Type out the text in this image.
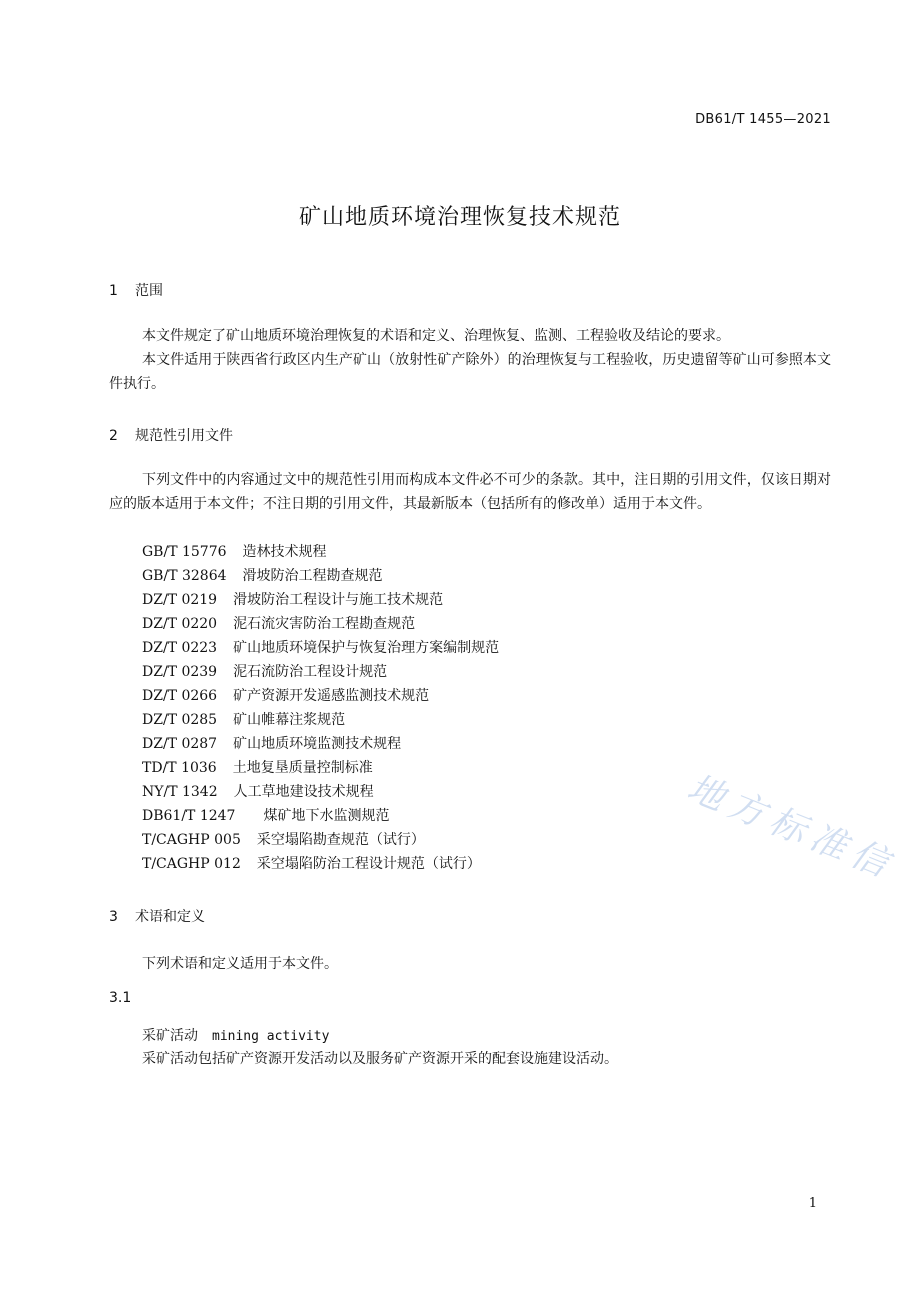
DB61/T 1455—2021
矿山地质环境治理恢复技术规范
1 范围
本文件规定了矿山地质环境治理恢复的术语和定义、治理恢复、监测、工程验收及结论的要求。
本文件适用于陕西省行政区内生产矿山（放射性矿产除外）的治理恢复与工程验收，历史遗留等矿山可参照本文件执行。
2 规范性引用文件
下列文件中的内容通过文中的规范性引用而构成本文件必不可少的条款。其中，注日期的引用文件，仅该日期对应的版本适用于本文件；不注日期的引用文件，其最新版本（包括所有的修改单）适用于本文件。
GB/T 15776 造林技术规程
GB/T 32864 滑坡防治工程勘查规范
DZ/T 0219 滑坡防治工程设计与施工技术规范
DZ/T 0220 泥石流灾害防治工程勘查规范
DZ/T 0223 矿山地质环境保护与恢复治理方案编制规范
DZ/T 0239 泥石流防治工程设计规范
DZ/T 0266 矿产资源开发遥感监测技术规范
DZ/T 0285 矿山帷幕注浆规范
DZ/T 0287 矿山地质环境监测技术规程
TD/T 1036 土地复垦质量控制标准
NY/T 1342 人工草地建设技术规程
DB61/T 1247 煤矿地下水监测规范
T/CAGHP 005 采空塌陷勘查规范（试行）
T/CAGHP 012 采空塌陷防治工程设计规范（试行）
3 术语和定义
下列术语和定义适用于本文件。
3.1
采矿活动 mining activity
采矿活动包括矿产资源开发活动以及服务矿产资源开采的配套设施建设活动。
1
地方标准信
